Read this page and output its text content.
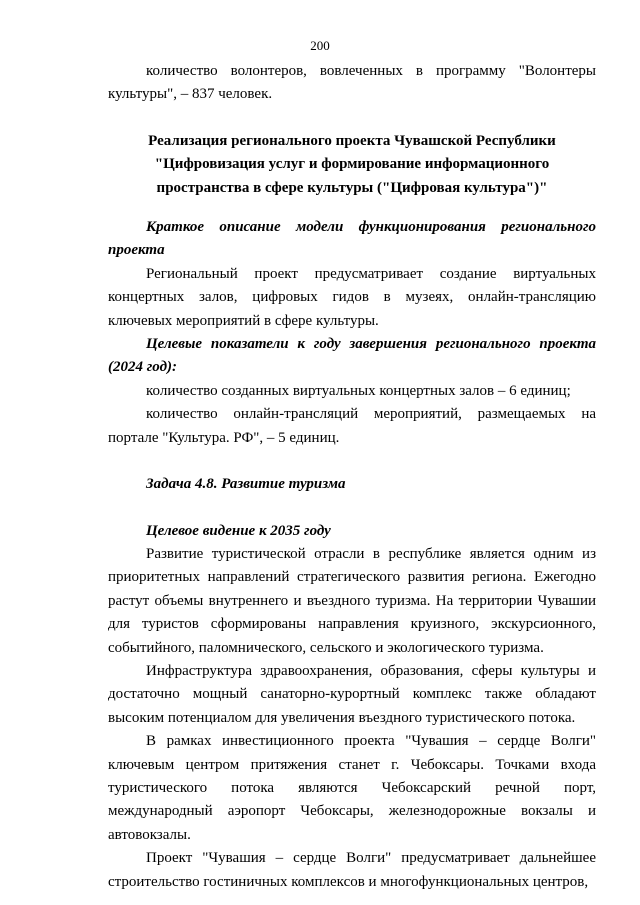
200

количество волонтеров, вовлеченных в программу "Волонтеры культуры", – 837 человек.

Реализация регионального проекта Чувашской Республики "Цифровизация услуг и формирование информационного пространства в сфере культуры ("Цифровая культура")"

Краткое описание модели функционирования регионального проекта

Региональный проект предусматривает создание виртуальных концертных залов, цифровых гидов в музеях, онлайн-трансляцию ключевых мероприятий в сфере культуры.

Целевые показатели к году завершения регионального проекта (2024 год):

количество созданных виртуальных концертных залов – 6 единиц;

количество онлайн-трансляций мероприятий, размещаемых на портале "Культура. РФ", – 5 единиц.

Задача 4.8. Развитие туризма

Целевое видение к 2035 году

Развитие туристической отрасли в республике является одним из приоритетных направлений стратегического развития региона. Ежегодно растут объемы внутреннего и въездного туризма. На территории Чувашии для туристов сформированы направления круизного, экскурсионного, событийного, паломнического, сельского и экологического туризма.

Инфраструктура здравоохранения, образования, сферы культуры и достаточно мощный санаторно-курортный комплекс также обладают высоким потенциалом для увеличения въездного туристического потока.

В рамках инвестиционного проекта "Чувашия – сердце Волги" ключевым центром притяжения станет г. Чебоксары. Точками входа туристического потока являются Чебоксарский речной порт, международный аэропорт Чебоксары, железнодорожные вокзалы и автовокзалы.

Проект "Чувашия – сердце Волги" предусматривает дальнейшее строительство гостиничных комплексов и многофункциональных центров,
